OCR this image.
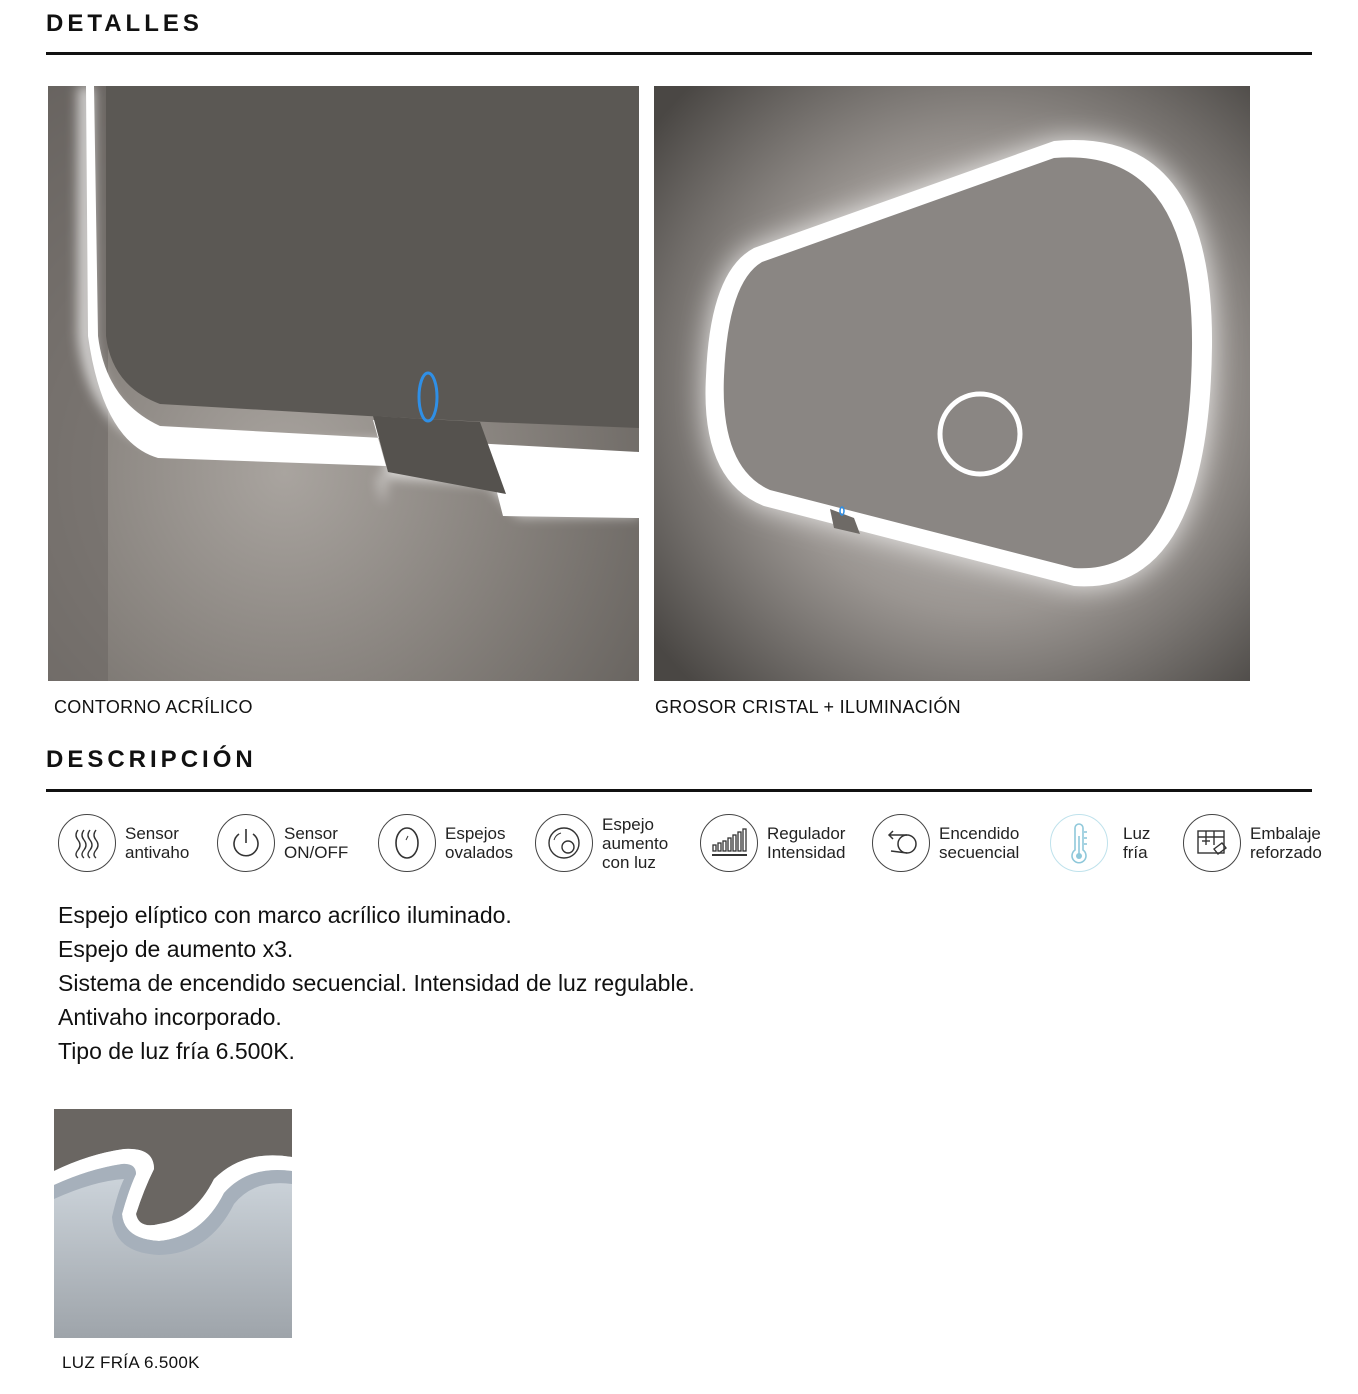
DETALLES
CONTORNO ACRÍLICO	GROSOR CRISTAL + ILUMINACIÓN
DESCRIPCIÓN
Sensor
antivaho
Sensor
ON/OFF
Espejos
ovalados
Espejo
aumento
con luz
Regulador
Intensidad
Encendido
secuencial
Luz
fría
Embalaje
reforzado

Espejo elíptico con marco acrílico iluminado.

Espejo de aumento x3.

Sistema de encendido secuencial. Intensidad de luz regulable.

Antivaho incorporado.

Tipo de luz fría 6.500K.

LUZ FRÍA 6.500K
